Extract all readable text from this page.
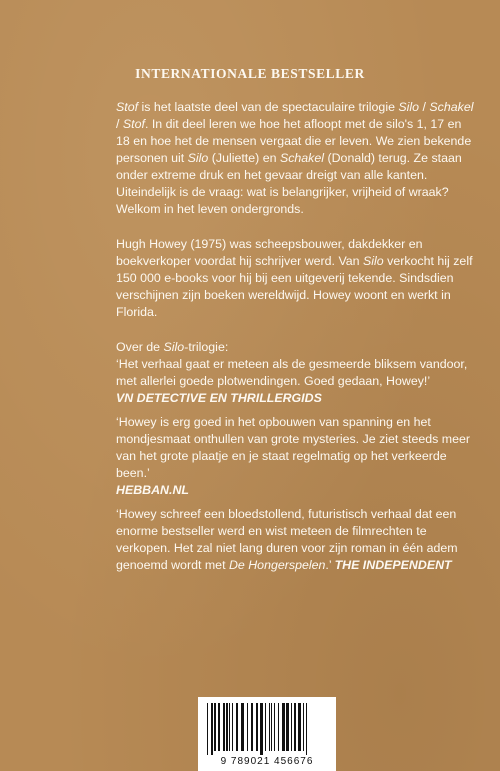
INTERNATIONALE BESTSELLER

Stof is het laatste deel van de spectaculaire trilogie Silo / Schakel / Stof. In dit deel leren we hoe het afloopt met de silo's 1, 17 en 18 en hoe het de mensen vergaat die er leven. We zien bekende personen uit Silo (Juliette) en Schakel (Donald) terug. Ze staan onder extreme druk en het gevaar dreigt van alle kanten. Uiteindelijk is de vraag: wat is belangrijker, vrijheid of wraak? Welkom in het leven ondergronds.

Hugh Howey (1975) was scheepsbouwer, dakdekker en boekverkoper voordat hij schrijver werd. Van Silo verkocht hij zelf 150 000 e-books voor hij bij een uitgeverij tekende. Sindsdien verschijnen zijn boeken wereldwijd. Howey woont en werkt in Florida.

Over de Silo-trilogie:

‘Het verhaal gaat er meteen als de gesmeerde bliksem vandoor, met allerlei goede plotwendingen. Goed gedaan, Howey!’

VN DETECTIVE EN THRILLERGIDS

‘Howey is erg goed in het opbouwen van spanning en het mondjesmaat onthullen van grote mysteries. Je ziet steeds meer van het grote plaatje en je staat regelmatig op het verkeerde been.’

HEBBAN.NL

‘Howey schreef een bloedstollend, futuristisch verhaal dat een enorme bestseller werd en wist meteen de filmrechten te verkopen. Het zal niet lang duren voor zijn roman in één adem genoemd wordt met De Hongerspelen.’ THE INDEPENDENT

9 789021 456676
